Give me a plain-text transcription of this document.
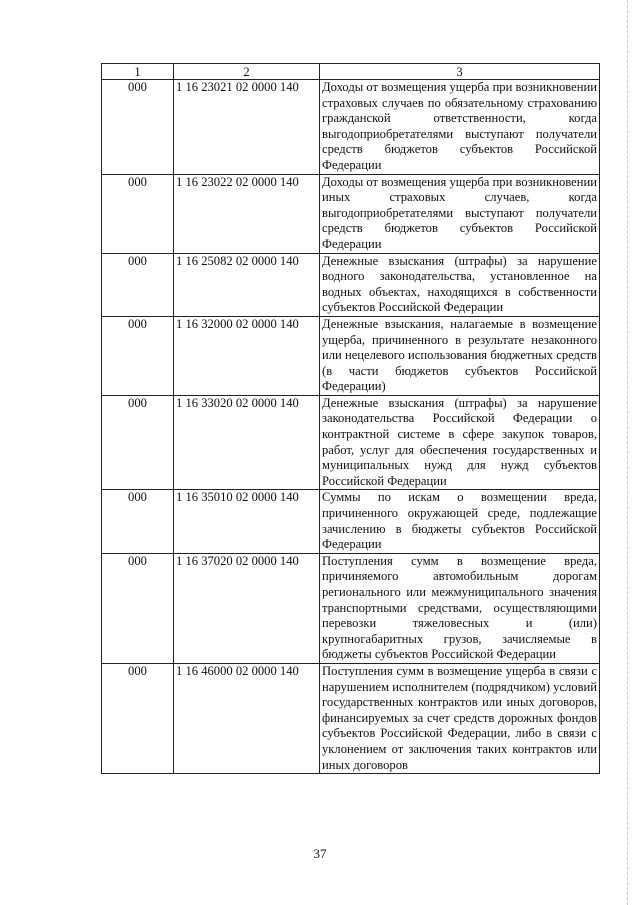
1	2	3
000	1 16 23021 02 0000 140	Доходы от возмещения ущерба при возникновении страховых случаев по обязательному страхованию гражданской ответственности, когда выгодоприобретателями выступают получатели средств бюджетов субъектов Российской Федерации
000	1 16 23022 02 0000 140	Доходы от возмещения ущерба при возникновении иных страховых случаев, когда выгодоприобретателями выступают получатели средств бюджетов субъектов Российской Федерации
000	1 16 25082 02 0000 140	Денежные взыскания (штрафы) за нарушение водного законодательства, установленное на водных объектах, находящихся в собственности субъектов Российской Федерации
000	1 16 32000 02 0000 140	Денежные взыскания, налагаемые в возмещение ущерба, причиненного в результате незаконного или нецелевого использования бюджетных средств (в части бюджетов субъектов Российской Федерации)
000	1 16 33020 02 0000 140	Денежные взыскания (штрафы) за нарушение законодательства Российской Федерации о контрактной системе в сфере закупок товаров, работ, услуг для обеспечения государственных и муниципальных нужд для нужд субъектов Российской Федерации
000	1 16 35010 02 0000 140	Суммы по искам о возмещении вреда, причиненного окружающей среде, подлежащие зачислению в бюджеты субъектов Российской Федерации
000	1 16 37020 02 0000 140	Поступления сумм в возмещение вреда, причиняемого автомобильным дорогам регионального или межмуниципального значения транспортными средствами, осуществляющими перевозки тяжеловесных и (или) крупногабаритных грузов, зачисляемые в бюджеты субъектов Российской Федерации
000	1 16 46000 02 0000 140	Поступления сумм в возмещение ущерба в связи с нарушением исполнителем (подрядчиком) условий государственных контрактов или иных договоров, финансируемых за счет средств дорожных фондов субъектов Российской Федерации, либо в связи с уклонением от заключения таких контрактов или иных договоров
37
